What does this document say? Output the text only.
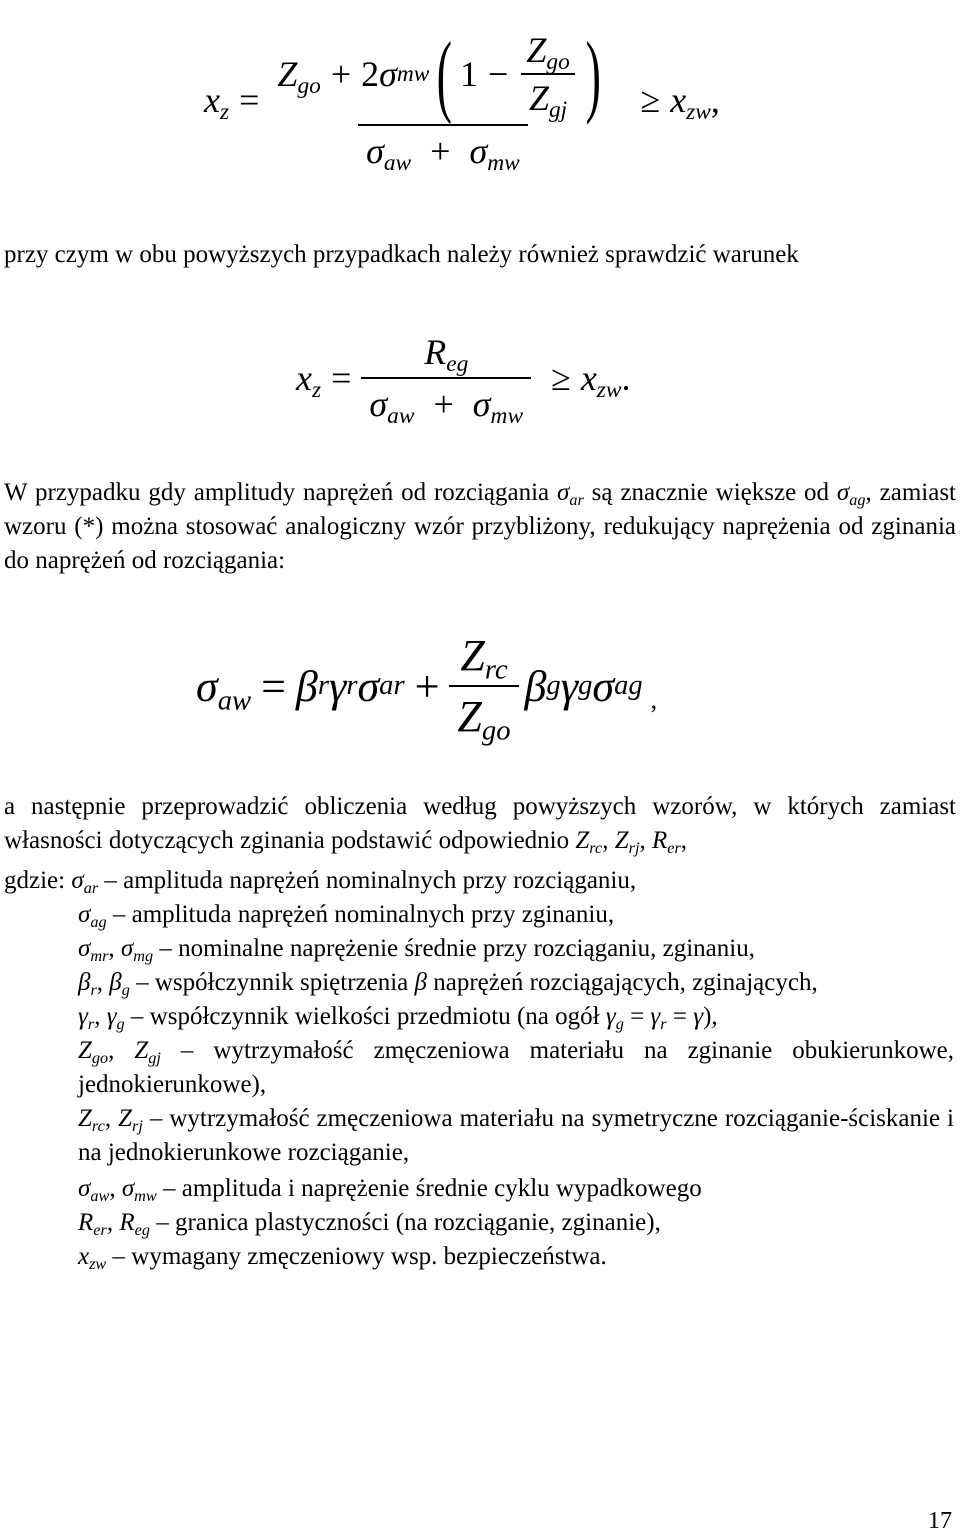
$x_z$ =
$Z_{go} + 2$ σ mw ( $1 - \frac{Z_{go}}{Z_{gj}}$ )
$\sigma_{aw} + \sigma_{mw}$
≥ $x_{zw}$ ,
przy czym w obu powyższych przypadkach należy również sprawdzić warunek
$x_z = \frac{R_{eg}}{\sigma_{aw} + \sigma_{mw}} \ge x_{zw}$ .
W przypadku gdy amplitudy naprężeń od rozciągania $\sigma_{ar}$ są znacznie większe od $\sigma_{ag}$, zamiast wzoru (*) można stosować analogiczny wzór przybliżony, redukujący naprężenia od zginania do naprężeń od rozciągania:
$\sigma_{aw} = \beta$ r γ r σ ar + $\frac{Z_{rc}}{Z_{go}}$ β g γ g σ ag ,
a następnie przeprowadzić obliczenia według powyższych wzorów, w których zamiast własności dotyczących zginania podstawić odpowiednio $Z_{rc}$, $Z_{rj}$, $R_{er}$,
gdzie: $\sigma_{ar}$ – amplituda naprężeń nominalnych przy rozciąganiu,
$\sigma_{ag}$ – amplituda naprężeń nominalnych przy zginaniu,
$\sigma_{mr}$, $\sigma_{mg}$ – nominalne naprężenie średnie przy rozciąganiu, zginaniu,
$\beta_r$, $\beta_g$ – współczynnik spiętrzenia β naprężeń rozciągających, zginających,
$\gamma_r$, $\gamma_g$ – współczynnik wielkości przedmiotu (na ogół $\gamma_g = \gamma_r = \gamma$),
$Z_{go}$, $Z_{gj}$ – wytrzymałość zmęczeniowa materiału na zginanie obukierunkowe, jednokierunkowe),
$Z_{rc}$, $Z_{rj}$ – wytrzymałość zmęczeniowa materiału na symetryczne rozciąganie-ściskanie i na jednokierunkowe rozciąganie,
$\sigma_{aw}$, $\sigma_{mw}$ – amplituda i naprężenie średnie cyklu wypadkowego
$R_{er}$, $R_{eg}$ – granica plastyczności (na rozciąganie, zginanie),
$x_{zw}$ – wymagany zmęczeniowy wsp. bezpieczeństwa.
17
